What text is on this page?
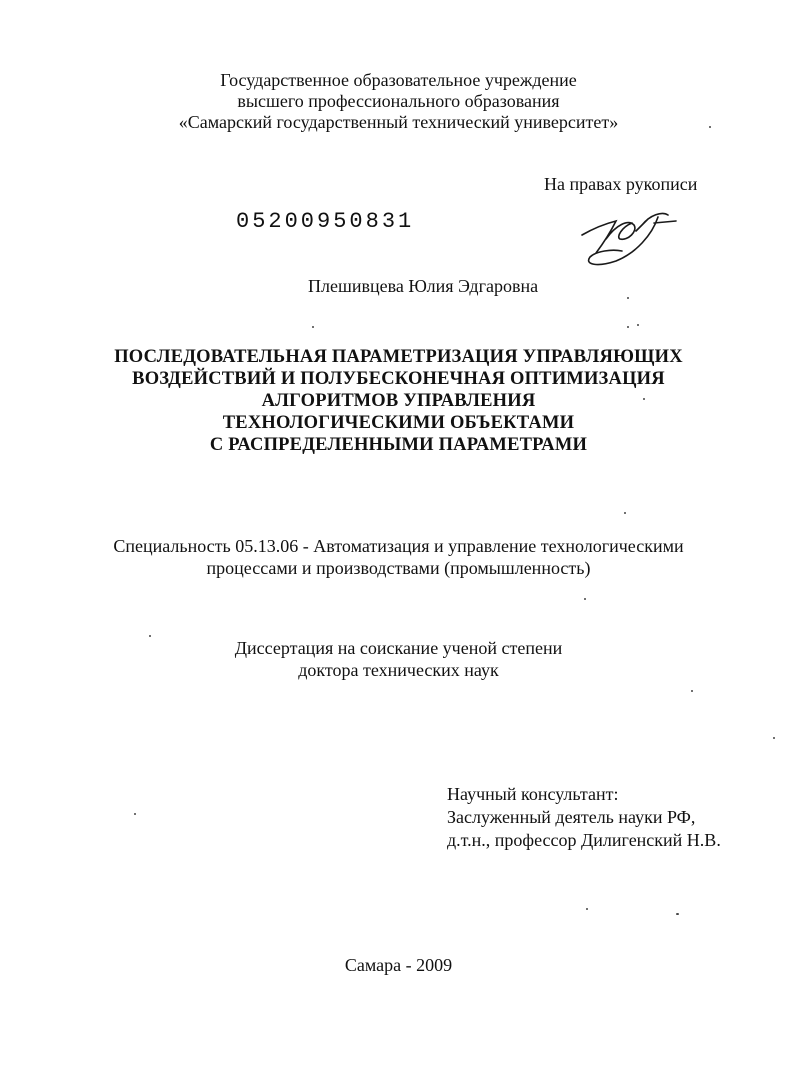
Государственное образовательное учреждение
высшего профессионального образования
«Самарский государственный технический университет»
На правах рукописи
05200950831
Плешивцева Юлия Эдгаровна
ПОСЛЕДОВАТЕЛЬНАЯ ПАРАМЕТРИЗАЦИЯ УПРАВЛЯЮЩИХ
ВОЗДЕЙСТВИЙ И ПОЛУБЕСКОНЕЧНАЯ ОПТИМИЗАЦИЯ
АЛГОРИТМОВ УПРАВЛЕНИЯ
ТЕХНОЛОГИЧЕСКИМИ ОБЪЕКТАМИ
С РАСПРЕДЕЛЕННЫМИ ПАРАМЕТРАМИ
Специальность 05.13.06 - Автоматизация и управление технологическими
процессами и производствами (промышленность)
Диссертация на соискание ученой степени
доктора технических наук
Научный консультант:
Заслуженный деятель науки РФ,
д.т.н., профессор Дилигенский Н.В.
Самара - 2009
